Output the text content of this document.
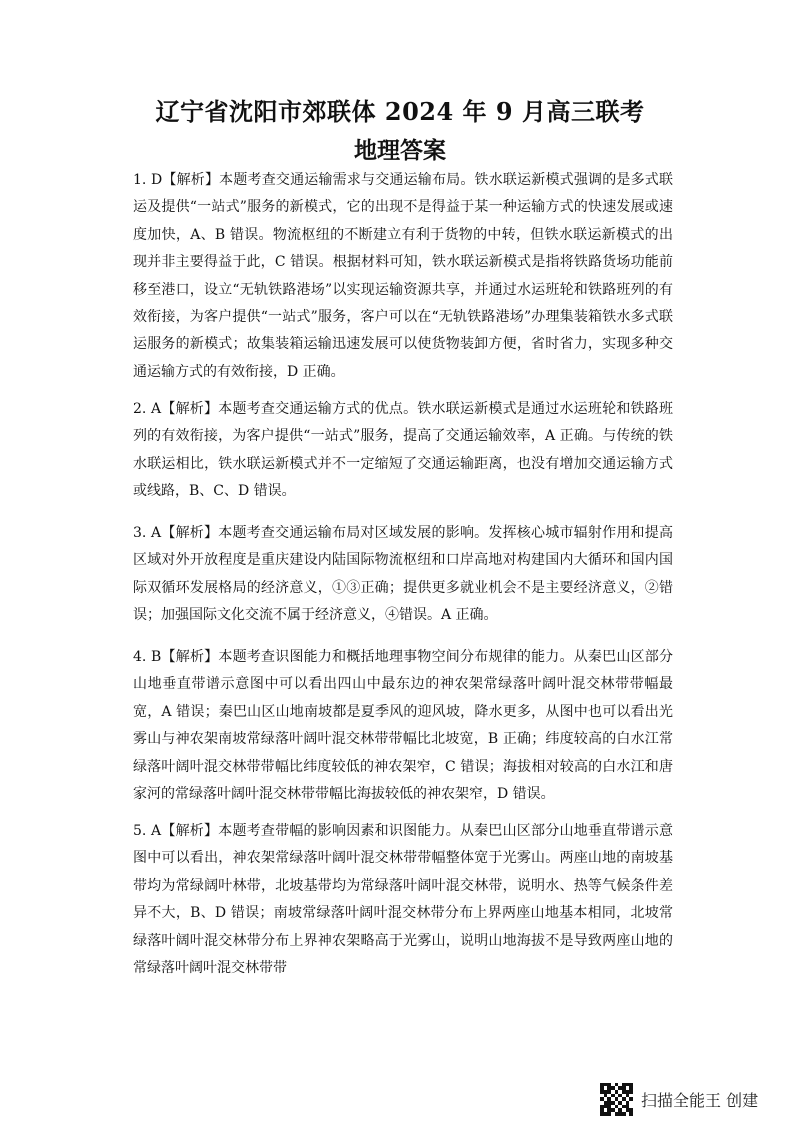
辽宁省沈阳市郊联体 2024 年 9 月高三联考
地理答案

1. D【解析】本题考查交通运输需求与交通运输布局。铁水联运新模式强调的是多式联运及提供“一站式”服务的新模式，它的出现不是得益于某一种运输方式的快速发展或速度加快，A、B 错误。物流枢纽的不断建立有利于货物的中转，但铁水联运新模式的出现并非主要得益于此，C 错误。根据材料可知，铁水联运新模式是指将铁路货场功能前移至港口，设立“无轨铁路港场”以实现运输资源共享，并通过水运班轮和铁路班列的有效衔接，为客户提供“一站式”服务，客户可以在“无轨铁路港场”办理集装箱铁水多式联运服务的新模式；故集装箱运输迅速发展可以使货物装卸方便，省时省力，实现多种交通运输方式的有效衔接，D 正确。

2. A【解析】本题考查交通运输方式的优点。铁水联运新模式是通过水运班轮和铁路班列的有效衔接，为客户提供“一站式”服务，提高了交通运输效率，A 正确。与传统的铁水联运相比，铁水联运新模式并不一定缩短了交通运输距离，也没有增加交通运输方式或线路，B、C、D 错误。

3. A【解析】本题考查交通运输布局对区域发展的影响。发挥核心城市辐射作用和提高区域对外开放程度是重庆建设内陆国际物流枢纽和口岸高地对构建国内大循环和国内国际双循环发展格局的经济意义，①③正确；提供更多就业机会不是主要经济意义，②错误；加强国际文化交流不属于经济意义，④错误。A 正确。

4. B【解析】本题考查识图能力和概括地理事物空间分布规律的能力。从秦巴山区部分山地垂直带谱示意图中可以看出四山中最东边的神农架常绿落叶阔叶混交林带带幅最宽，A 错误；秦巴山区山地南坡都是夏季风的迎风坡，降水更多，从图中也可以看出光雾山与神农架南坡常绿落叶阔叶混交林带带幅比北坡宽，B 正确；纬度较高的白水江常绿落叶阔叶混交林带带幅比纬度较低的神农架窄，C 错误；海拔相对较高的白水江和唐家河的常绿落叶阔叶混交林带带幅比海拔较低的神农架窄，D 错误。

5. A【解析】本题考查带幅的影响因素和识图能力。从秦巴山区部分山地垂直带谱示意图中可以看出，神农架常绿落叶阔叶混交林带带幅整体宽于光雾山。两座山地的南坡基带均为常绿阔叶林带，北坡基带均为常绿落叶阔叶混交林带，说明水、热等气候条件差异不大，B、D 错误；南坡常绿落叶阔叶混交林带分布上界两座山地基本相同，北坡常绿落叶阔叶混交林带分布上界神农架略高于光雾山，说明山地海拔不是导致两座山地的常绿落叶阔叶混交林带带

扫描全能王 创建
